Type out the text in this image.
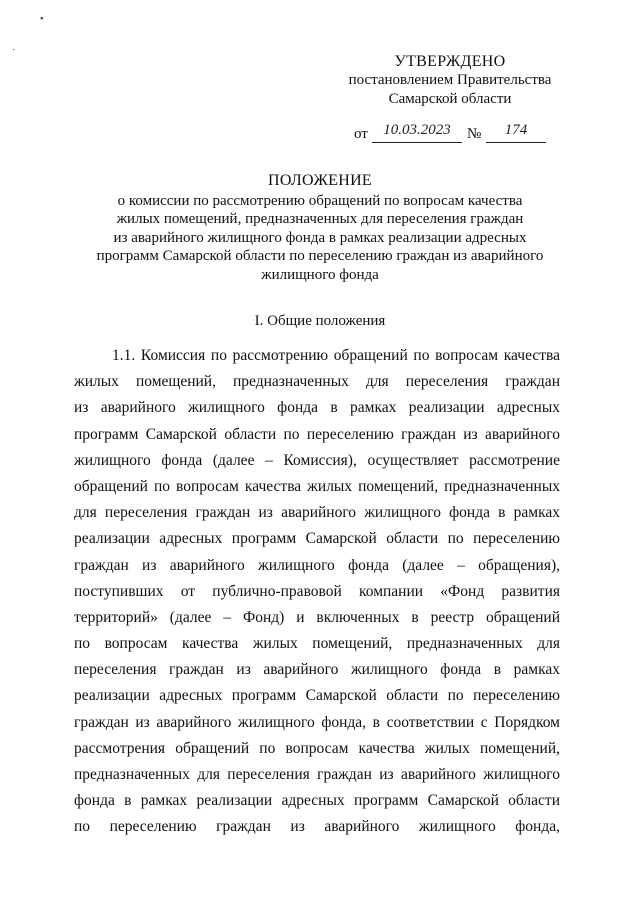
•
ˏ
УТВЕРЖДЕНО
постановлением Правительства
Самарской области
от	10.03.2023	№	174
ПОЛОЖЕНИЕ
о комиссии по рассмотрению обращений по вопросам качества
жилых помещений, предназначенных для переселения граждан
из аварийного жилищного фонда в рамках реализации адресных
программ Самарской области по переселению граждан из аварийного
жилищного фонда
I. Общие положения
1.1. Комиссия по рассмотрению обращений по вопросам качества
жилых помещений, предназначенных для переселения граждан
из аварийного жилищного фонда в рамках реализации адресных
программ Самарской области по переселению граждан из аварийного
жилищного фонда (далее – Комиссия), осуществляет рассмотрение
обращений по вопросам качества жилых помещений, предназначенных
для переселения граждан из аварийного жилищного фонда в рамках
реализации адресных программ Самарской области по переселению
граждан из аварийного жилищного фонда (далее – обращения),
поступивших от публично-правовой компании «Фонд развития
территорий» (далее – Фонд) и включенных в реестр обращений
по вопросам качества жилых помещений, предназначенных для
переселения граждан из аварийного жилищного фонда в рамках
реализации адресных программ Самарской области по переселению
граждан из аварийного жилищного фонда, в соответствии с Порядком
рассмотрения обращений по вопросам качества жилых помещений,
предназначенных для переселения граждан из аварийного жилищного
фонда в рамках реализации адресных программ Самарской области
по переселению граждан из аварийного жилищного фонда,
